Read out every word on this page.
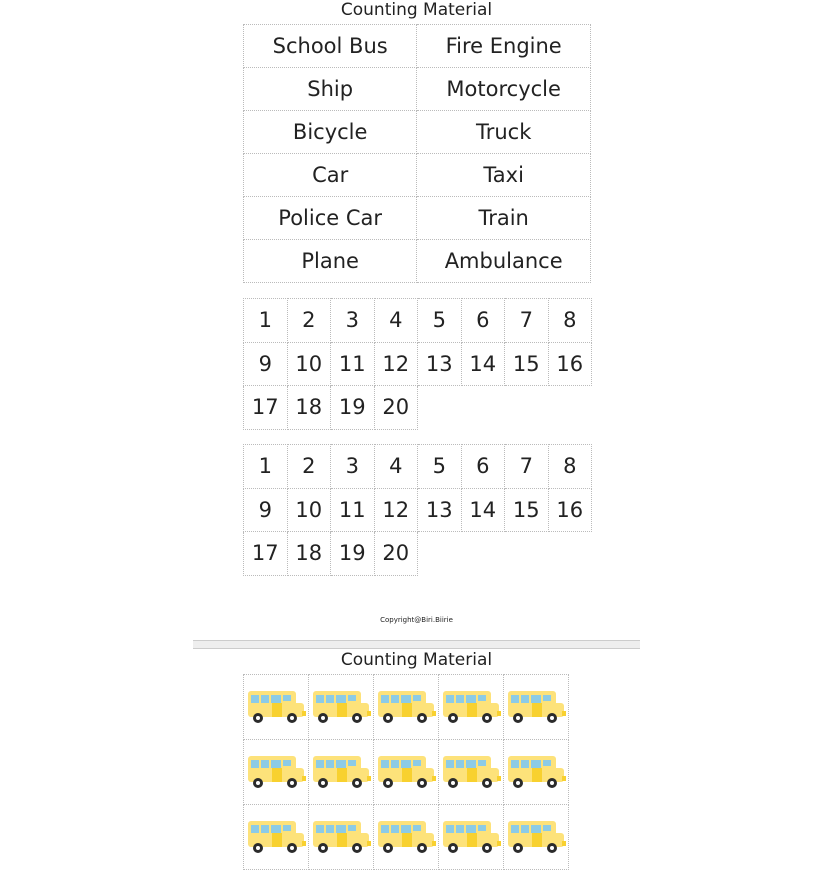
Counting Material
School Bus	Fire Engine
Ship	Motorcycle
Bicycle	Truck
Car	Taxi
Police Car	Train
Plane	Ambulance
1	2	3	4	5	6	7	8
9	10	11	12	13	14	15	16
17	18	19	20				
1	2	3	4	5	6	7	8
9	10	11	12	13	14	15	16
17	18	19	20				
Copyright@Biri.Biirie
Counting Material
